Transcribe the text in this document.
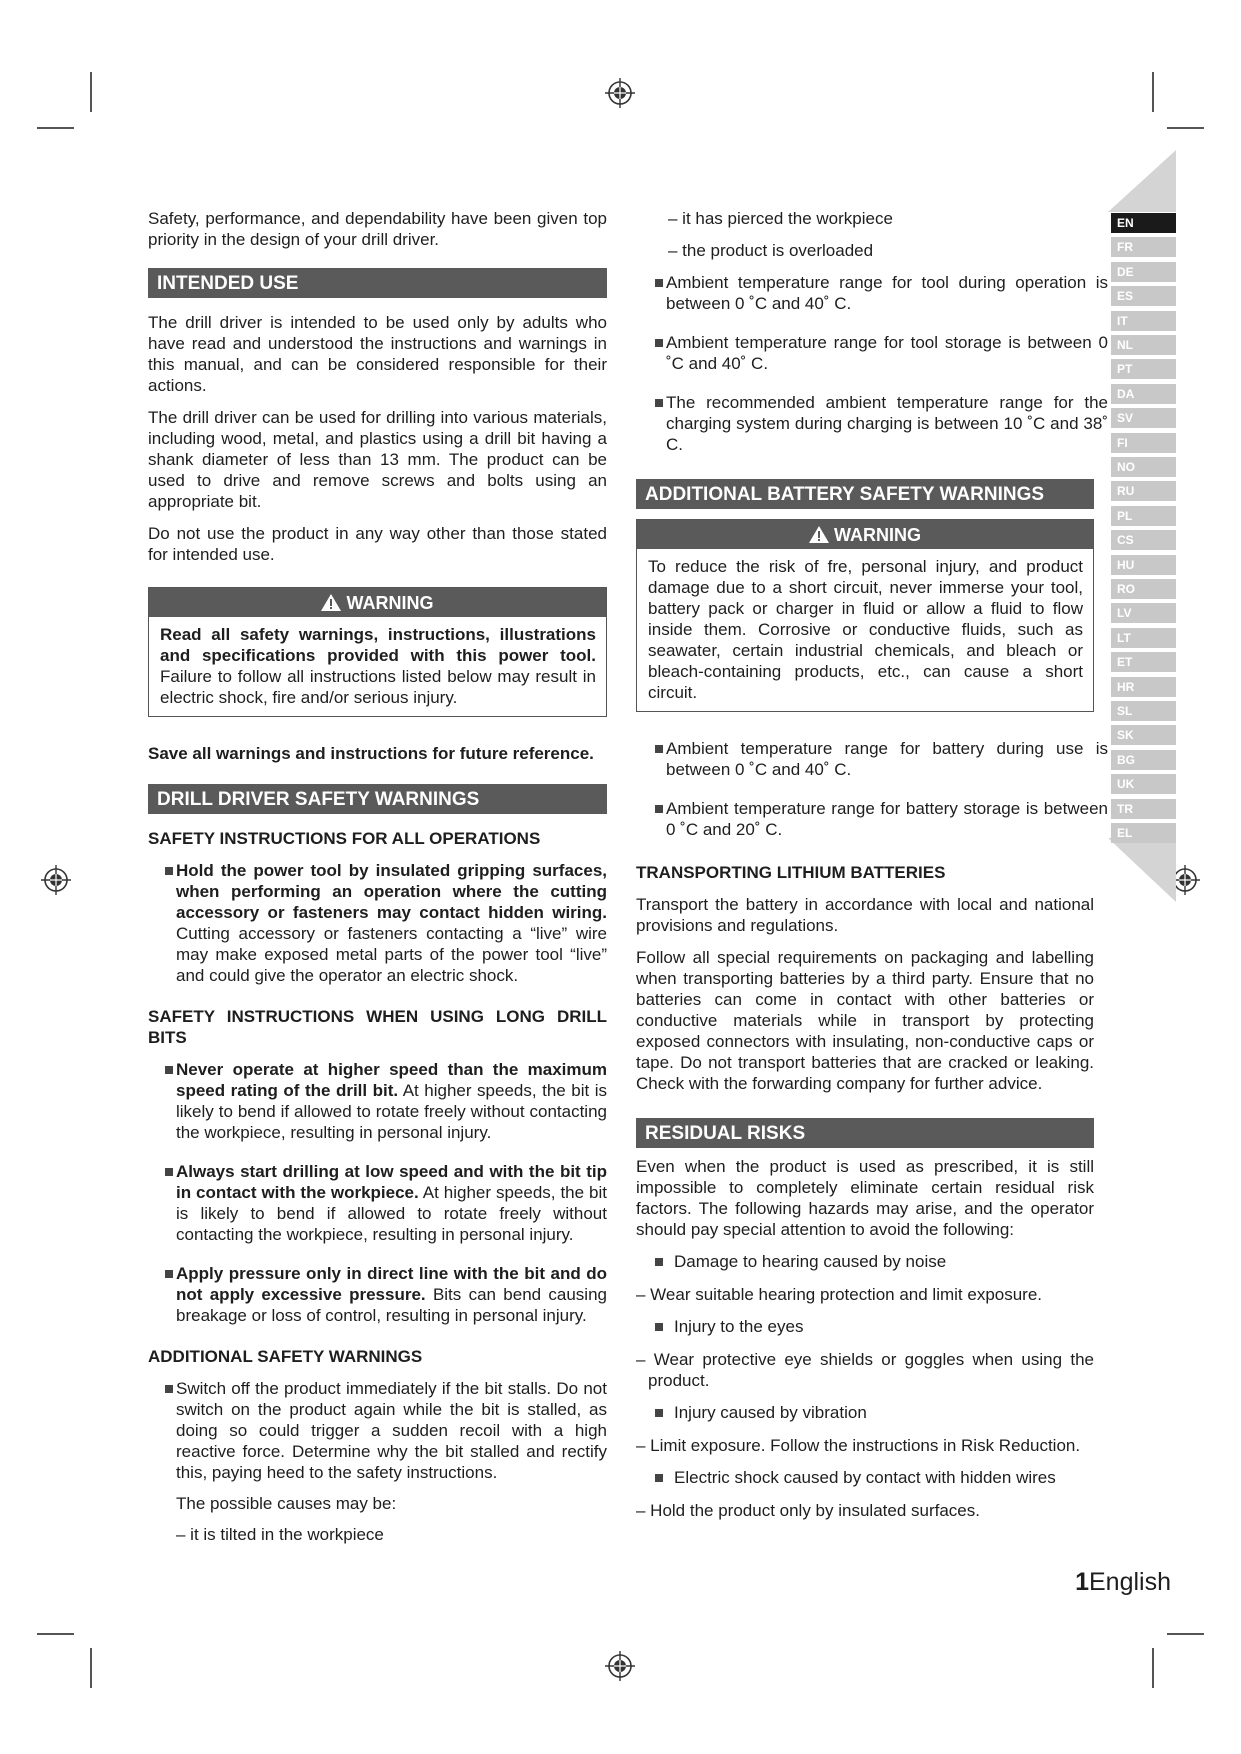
EN
FR
DE
ES
IT
NL
PT
DA
SV
FI
NO
RU
PL
CS
HU
RO
LV
LT
ET
HR
SL
SK
BG
UK
TR
EL

Safety, performance, and dependability have been given top priority in the design of your drill driver.

INTENDED USE

The drill driver is intended to be used only by adults who have read and understood the instructions and warnings in this manual, and can be considered responsible for their actions.

The drill driver can be used for drilling into various materials, including wood, metal, and plastics using a drill bit having a shank diameter of less than 13 mm. The product can be used to drive and remove screws and bolts using an appropriate bit.

Do not use the product in any way other than those stated for intended use.

WARNING

Read all safety warnings, instructions, illustrations and specifications provided with this power tool. Failure to follow all instructions listed below may result in electric shock, fire and/or serious injury.

Save all warnings and instructions for future reference.

DRILL DRIVER SAFETY WARNINGS

SAFETY INSTRUCTIONS FOR ALL OPERATIONS

Hold the power tool by insulated gripping surfaces, when performing an operation where the cutting accessory or fasteners may contact hidden wiring. Cutting accessory or fasteners contacting a “live” wire may make exposed metal parts of the power tool “live” and could give the operator an electric shock.

SAFETY INSTRUCTIONS WHEN USING LONG DRILL BITS

Never operate at higher speed than the maximum speed rating of the drill bit. At higher speeds, the bit is likely to bend if allowed to rotate freely without contacting the workpiece, resulting in personal injury.

Always start drilling at low speed and with the bit tip in contact with the workpiece. At higher speeds, the bit is likely to bend if allowed to rotate freely without contacting the workpiece, resulting in personal injury.

Apply pressure only in direct line with the bit and do not apply excessive pressure. Bits can bend causing breakage or loss of control, resulting in personal injury.

ADDITIONAL SAFETY WARNINGS

Switch off the product immediately if the bit stalls. Do not switch on the product again while the bit is stalled, as doing so could trigger a sudden recoil with a high reactive force. Determine why the bit stalled and rectify this, paying heed to the safety instructions.

The possible causes may be:

– it is tilted in the workpiece

– it has pierced the workpiece

– the product is overloaded

Ambient temperature range for tool during operation is between 0 ˚C and 40˚ C.

Ambient temperature range for tool storage is between 0 ˚C and 40˚ C.

The recommended ambient temperature range for the charging system during charging is between 10 ˚C and 38˚ C.

ADDITIONAL BATTERY SAFETY WARNINGS
WARNING

To reduce the risk of fre, personal injury, and product damage due to a short circuit, never immerse your tool, battery pack or charger in fluid or allow a fluid to flow inside them. Corrosive or conductive fluids, such as seawater, certain industrial chemicals, and bleach or bleach-containing products, etc., can cause a short circuit.

Ambient temperature range for battery during use is between 0 ˚C and 40˚ C.

Ambient temperature range for battery storage is between 0 ˚C and 20˚ C.

TRANSPORTING LITHIUM BATTERIES

Transport the battery in accordance with local and national provisions and regulations.

Follow all special requirements on packaging and labelling when transporting batteries by a third party. Ensure that no batteries can come in contact with other batteries or conductive materials while in transport by protecting exposed connectors with insulating, non-conductive caps or tape. Do not transport batteries that are cracked or leaking. Check with the forwarding company for further advice.

RESIDUAL RISKS

Even when the product is used as prescribed, it is still impossible to completely eliminate certain residual risk factors. The following hazards may arise, and the operator should pay special attention to avoid the following:

Damage to hearing caused by noise

– Wear suitable hearing protection and limit exposure.

Injury to the eyes

– Wear protective eye shields or goggles when using the product.

Injury caused by vibration

– Limit exposure. Follow the instructions in Risk Reduction.

Electric shock caused by contact with hidden wires

– Hold the product only by insulated surfaces.

1English
